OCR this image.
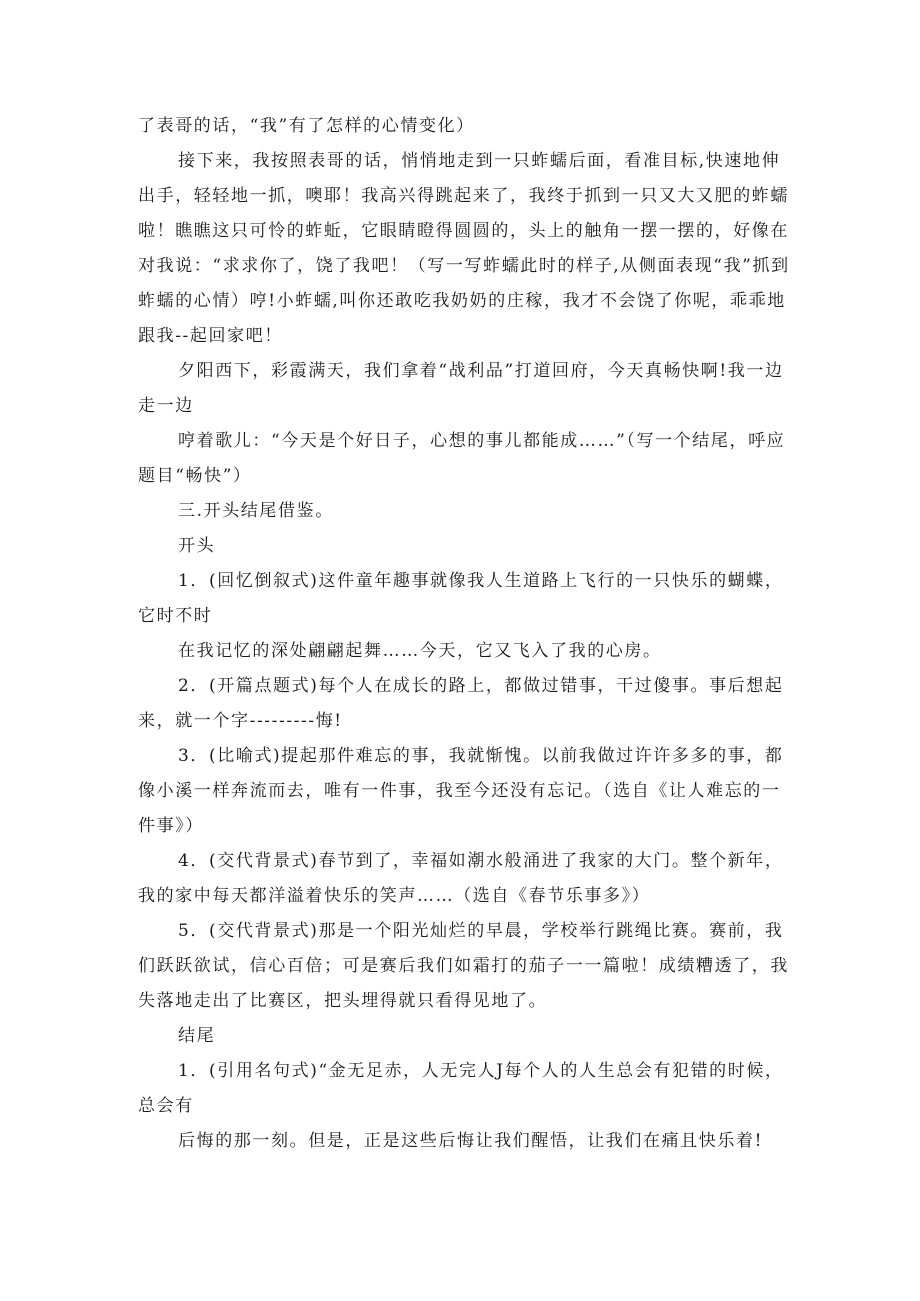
了表哥的话，“我”有了怎样的心情变化）

接下来，我按照表哥的话，悄悄地走到一只蚱蠕后面，看准目标,快速地伸出手，轻轻地一抓，噢耶！我高兴得跳起来了，我终于抓到一只又大又肥的蚱蠕啦！瞧瞧这只可怜的蚱蚯，它眼睛瞪得圆圆的，头上的触角一摆一摆的，好像在对我说：“求求你了，饶了我吧！（写一写蚱蠕此时的样子,从侧面表现“我”抓到蚱蠕的心情）哼!小蚱蠕,叫你还敢吃我奶奶的庄稼，我才不会饶了你呢，乖乖地跟我--起回家吧！

夕阳西下，彩霞满天，我们拿着“战利品”打道回府，今天真畅快啊!我一边走一边

哼着歌儿：“今天是个好日子，心想的事儿都能成……”（写一个结尾，呼应题目“畅快”）

三.开头结尾借鉴。

开头

1．(回忆倒叙式)这件童年趣事就像我人生道路上飞行的一只快乐的蝴蝶，它时不时

在我记忆的深处翩翩起舞……今天，它又飞入了我的心房。

2．(开篇点题式)每个人在成长的路上，都做过错事，干过傻事。事后想起来，就一个字---------悔!

3．(比喻式)提起那件难忘的事，我就惭愧。以前我做过许许多多的事，都像小溪一样奔流而去，唯有一件事，我至今还没有忘记。（选自《让人难忘的一件事》）

4．(交代背景式)春节到了，幸福如潮水般涌进了我家的大门。整个新年，我的家中每天都洋溢着快乐的笑声……（选自《春节乐事多》）

5．(交代背景式)那是一个阳光灿烂的早晨，学校举行跳绳比赛。赛前，我们跃跃欲试，信心百倍；可是赛后我们如霜打的茄子一一篇啦！成绩糟透了，我失落地走出了比赛区，把头埋得就只看得见地了。

结尾

1．(引用名句式)“金无足赤，人无完人J每个人的人生总会有犯错的时候，总会有

后悔的那一刻。但是，正是这些后悔让我们醒悟，让我们在痛且快乐着!
